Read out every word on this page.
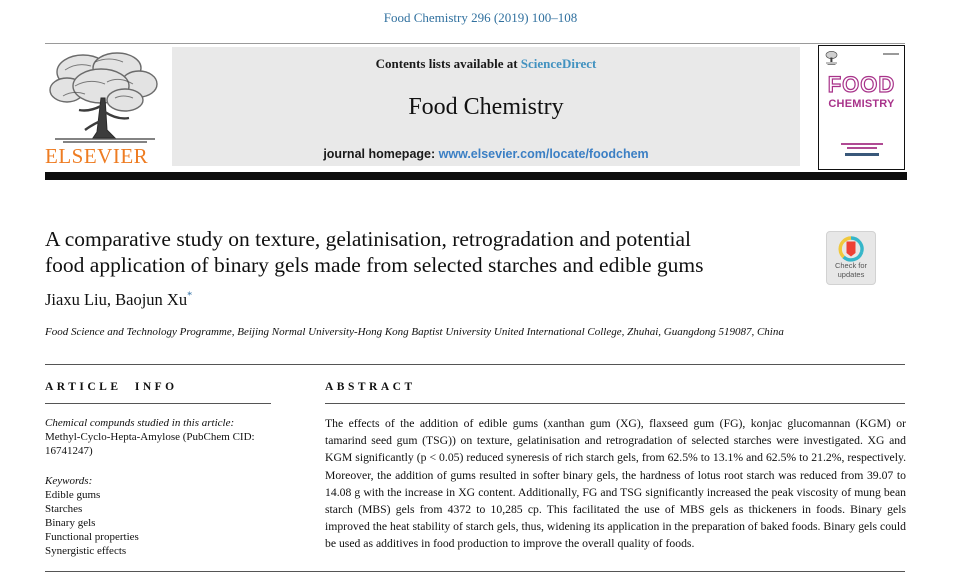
Food Chemistry 296 (2019) 100–108
Contents lists available at ScienceDirect
Food Chemistry
journal homepage: www.elsevier.com/locate/foodchem
ELSEVIER
FOOD
CHEMISTRY
A comparative study on texture, gelatinisation, retrogradation and potential
food application of binary gels made from selected starches and edible gums	Check for
updates
Jiaxu Liu, Baojun Xu*
Food Science and Technology Programme, Beijing Normal University-Hong Kong Baptist University United International College, Zhuhai, Guangdong 519087, China
ARTICLE INFO	ABSTRACT
Chemical compunds studied in this article:
Methyl-Cyclo-Hepta-Amylose (PubChem CID:
16741247)
Keywords:
Edible gums
Starches
Binary gels
Functional properties
Synergistic effects
The effects of the addition of edible gums (xanthan gum (XG), flaxseed gum (FG), konjac glucomannan (KGM) or tamarind seed gum (TSG)) on texture, gelatinisation and retrogradation of selected starches were investigated. XG and KGM significantly (p < 0.05) reduced syneresis of rich starch gels, from 62.5% to 13.1% and 62.5% to 21.2%, respectively. Moreover, the addition of gums resulted in softer binary gels, the hardness of lotus root starch was reduced from 39.07 to 14.08 g with the increase in XG content. Additionally, FG and TSG significantly increased the peak viscosity of mung bean starch (MBS) gels from 4372 to 10,285 cp. This facilitated the use of MBS gels as thickeners in foods. Binary gels improved the heat stability of starch gels, thus, widening its application in the preparation of baked foods. Binary gels could be used as additives in food production to improve the overall quality of foods.
